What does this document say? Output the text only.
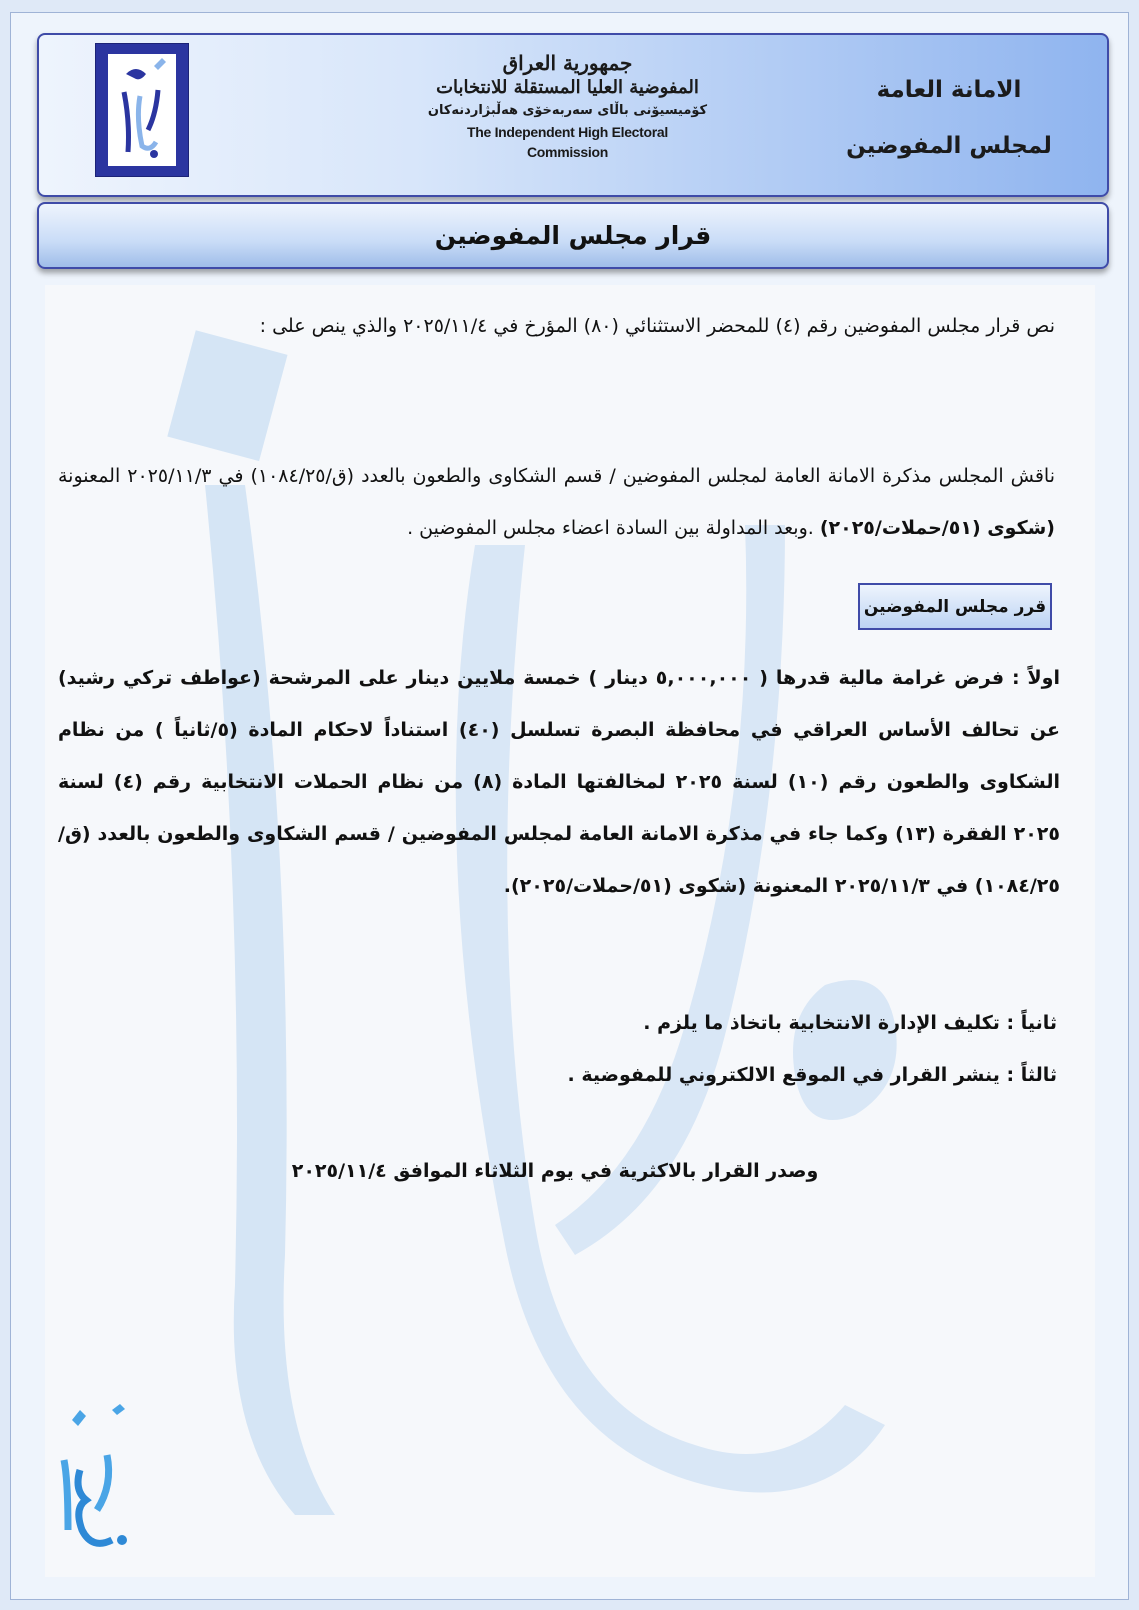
جمهورية العراق
المفوضية العليا المستقلة للانتخابات
كۆمیسیۆنی باڵای سەربەخۆی هەڵبژاردنەکان
The Independent High Electoral Commission
الامانة العامة
لمجلس المفوضين
قرار مجلس المفوضين
نص قرار مجلس المفوضين رقم (٤) للمحضر الاستثنائي (٨٠) المؤرخ في ٢٠٢٥/١١/٤ والذي ينص على :
ناقش المجلس مذكرة الامانة العامة لمجلس المفوضين / قسم الشكاوى والطعون بالعدد (ق/١٠٨٤/٢٥) في ٢٠٢٥/١١/٣ المعنونة (شكوى (٥١/حملات/٢٠٢٥) .وبعد المداولة بين السادة اعضاء مجلس المفوضين .
قرر مجلس المفوضين
اولاً : فرض غرامة مالية قدرها ( ٥,٠٠٠,٠٠٠ دينار ) خمسة ملايين دينار على المرشحة (عواطف تركي رشيد) عن تحالف الأساس العراقي في محافظة البصرة تسلسل (٤٠) استناداً لاحكام المادة (٥/ثانياً ) من نظام الشكاوى والطعون رقم (١٠) لسنة ٢٠٢٥ لمخالفتها المادة (٨) من نظام الحملات الانتخابية رقم (٤) لسنة ٢٠٢٥ الفقرة (١٣) وكما جاء في مذكرة الامانة العامة لمجلس المفوضين / قسم الشكاوى والطعون بالعدد (ق/١٠٨٤/٢٥) في ٢٠٢٥/١١/٣ المعنونة (شكوى (٥١/حملات/٢٠٢٥).
ثانياً : تكليف الإدارة الانتخابية باتخاذ ما يلزم .
ثالثاً : ينشر القرار في الموقع الالكتروني للمفوضية .
وصدر القرار بالاكثرية في يوم الثلاثاء الموافق ٢٠٢٥/١١/٤
